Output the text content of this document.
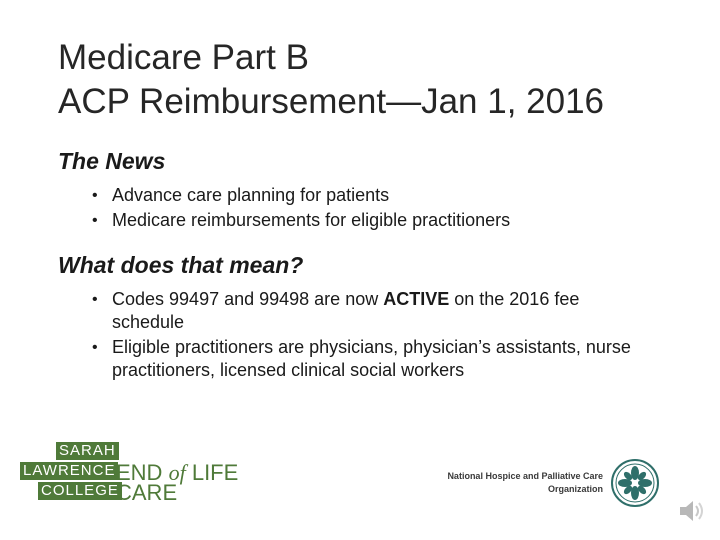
Medicare Part B
ACP Reimbursement—Jan 1, 2016
The News
• Advance care planning for patients
• Medicare reimbursements for eligible practitioners
What does that mean?
• Codes 99497 and 99498 are now ACTIVE on the 2016 fee schedule
• Eligible practitioners are physicians, physician’s assistants, nurse practitioners, licensed clinical social workers
SARAH
LAWRENCE
COLLEGE
END of LIFE
CARE
National Hospice and Palliative Care
Organization
